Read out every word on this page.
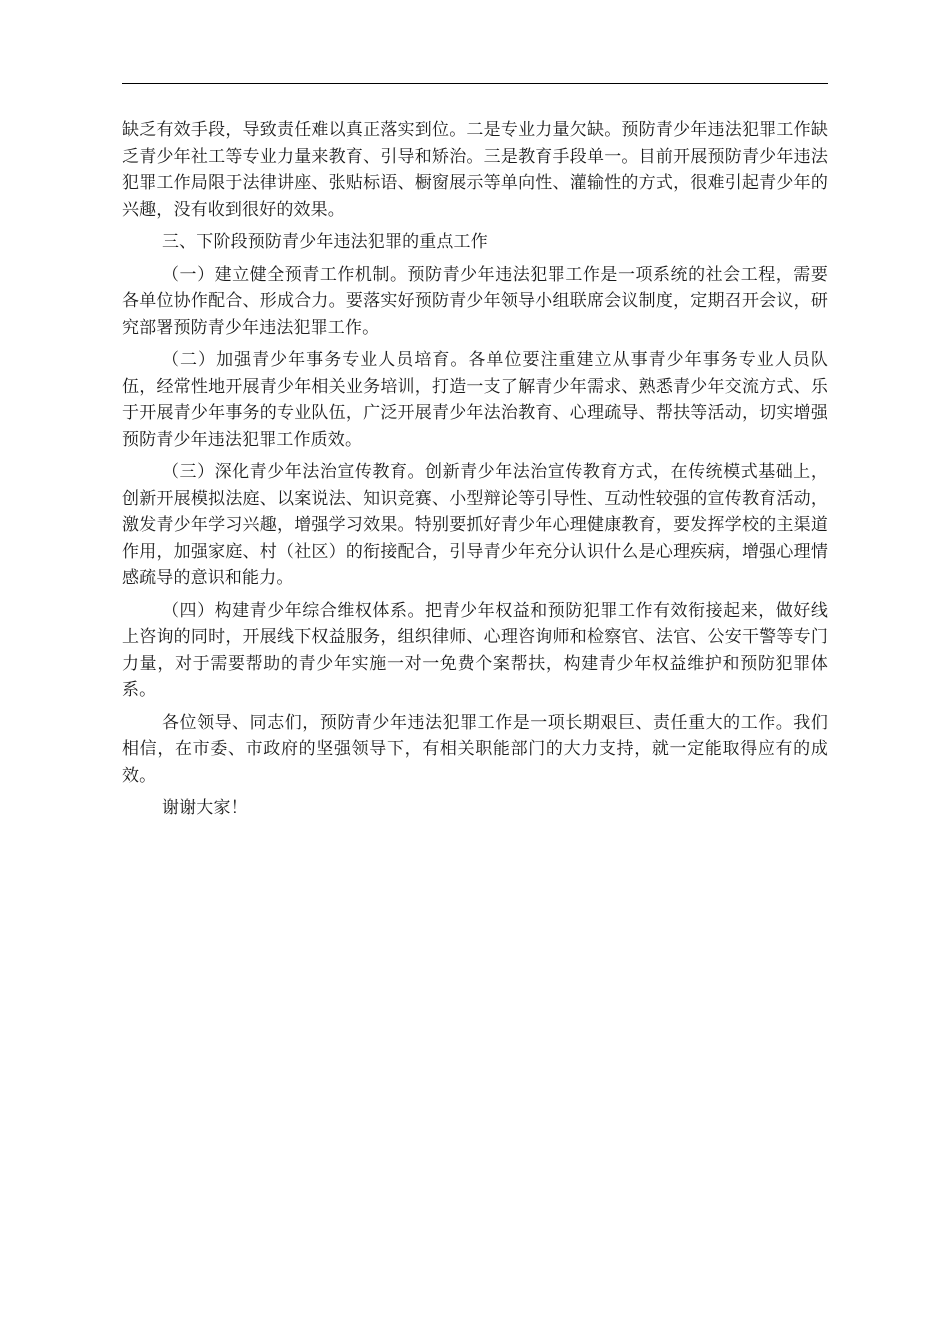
缺乏有效手段，导致责任难以真正落实到位。二是专业力量欠缺。预防青少年违法犯罪工作缺乏青少年社工等专业力量来教育、引导和矫治。三是教育手段单一。目前开展预防青少年违法犯罪工作局限于法律讲座、张贴标语、橱窗展示等单向性、灌输性的方式，很难引起青少年的兴趣，没有收到很好的效果。

三、下阶段预防青少年违法犯罪的重点工作

（一）建立健全预青工作机制。预防青少年违法犯罪工作是一项系统的社会工程，需要各单位协作配合、形成合力。要落实好预防青少年领导小组联席会议制度，定期召开会议，研究部署预防青少年违法犯罪工作。

（二）加强青少年事务专业人员培育。各单位要注重建立从事青少年事务专业人员队伍，经常性地开展青少年相关业务培训，打造一支了解青少年需求、熟悉青少年交流方式、乐于开展青少年事务的专业队伍，广泛开展青少年法治教育、心理疏导、帮扶等活动，切实增强预防青少年违法犯罪工作质效。

（三）深化青少年法治宣传教育。创新青少年法治宣传教育方式，在传统模式基础上，创新开展模拟法庭、以案说法、知识竞赛、小型辩论等引导性、互动性较强的宣传教育活动，激发青少年学习兴趣，增强学习效果。特别要抓好青少年心理健康教育，要发挥学校的主渠道作用，加强家庭、村（社区）的衔接配合，引导青少年充分认识什么是心理疾病，增强心理情感疏导的意识和能力。

（四）构建青少年综合维权体系。把青少年权益和预防犯罪工作有效衔接起来，做好线上咨询的同时，开展线下权益服务，组织律师、心理咨询师和检察官、法官、公安干警等专门力量，对于需要帮助的青少年实施一对一免费个案帮扶，构建青少年权益维护和预防犯罪体系。

各位领导、同志们，预防青少年违法犯罪工作是一项长期艰巨、责任重大的工作。我们相信，在市委、市政府的坚强领导下，有相关职能部门的大力支持，就一定能取得应有的成效。

谢谢大家！
